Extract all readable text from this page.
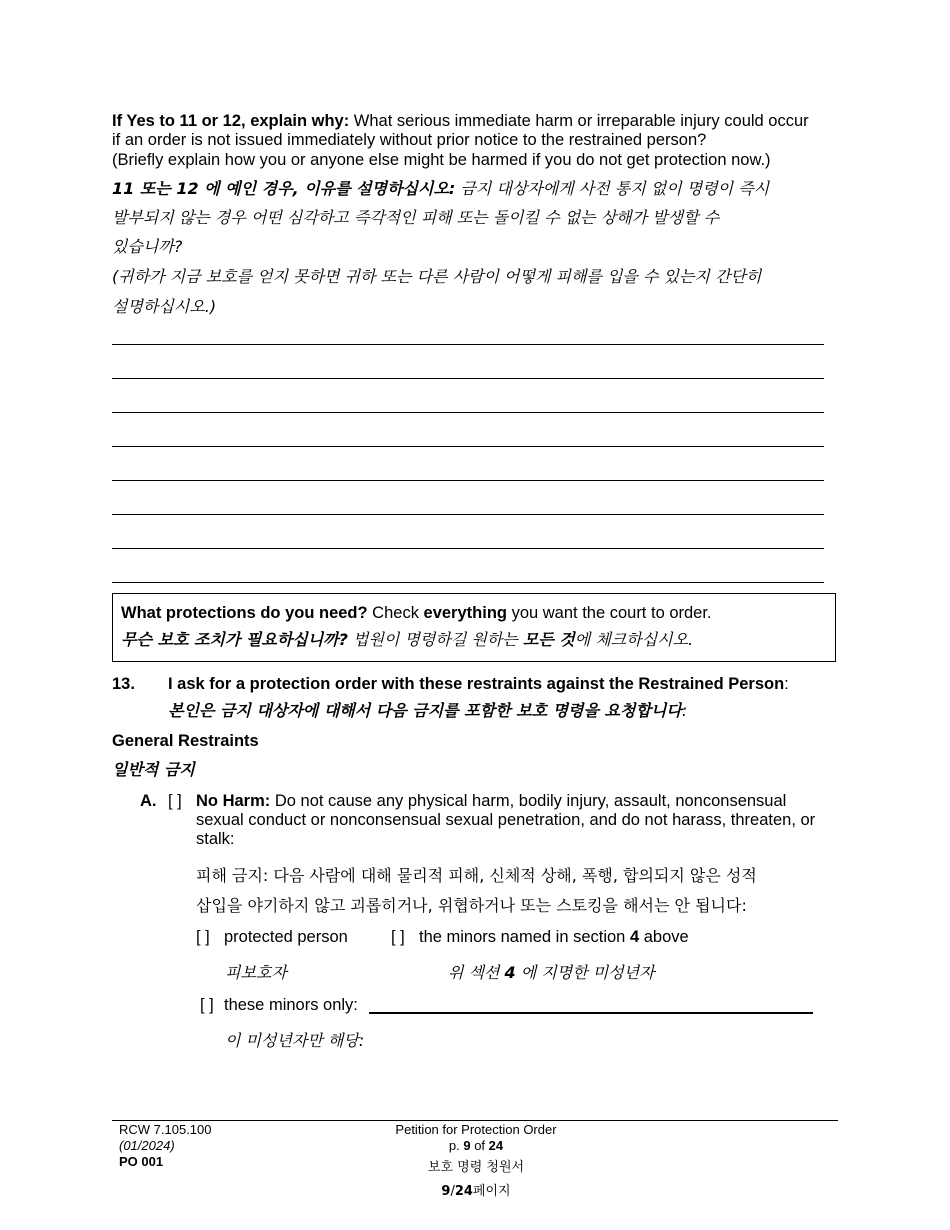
If Yes to 11 or 12, explain why: What serious immediate harm or irreparable injury could occur
if an order is not issued immediately without prior notice to the restrained person?
(Briefly explain how you or anyone else might be harmed if you do not get protection now.)
11 또는 12 에 예인 경우, 이유를 설명하십시오: 금지 대상자에게 사전 통지 없이 명령이 즉시
발부되지 않는 경우 어떤 심각하고 즉각적인 피해 또는 돌이킬 수 없는 상해가 발생할 수
있습니까?
(귀하가 지금 보호를 얻지 못하면 귀하 또는 다른 사람이 어떻게 피해를 입을 수 있는지 간단히
설명하십시오.)
What protections do you need? Check everything you want the court to order.
무슨 보호 조치가 필요하십니까? 법원이 명령하길 원하는 모든 것에 체크하십시오.
13. I ask for a protection order with these restraints against the Restrained Person:
본인은 금지 대상자에 대해서 다음 금지를 포함한 보호 명령을 요청합니다:
General Restraints
일반적 금지
A. [ ] No Harm: Do not cause any physical harm, bodily injury, assault, nonconsensual
sexual conduct or nonconsensual sexual penetration, and do not harass, threaten, or
stalk:
피해 금지: 다음 사람에 대해 물리적 피해, 신체적 상해, 폭행, 합의되지 않은 성적
삽입을 야기하지 않고 괴롭히거나, 위협하거나 또는 스토킹을 해서는 안 됩니다:
[ ] protected person	[ ] the minors named in section 4 above
피보호자	위 섹션 4 에 지명한 미성년자
[ ] these minors only:
이 미성년자만 해당:
RCW 7.105.100
(01/2024)
PO 001
Petition for Protection Order
p. 9 of 24
보호 명령 청원서
9/24페이지
